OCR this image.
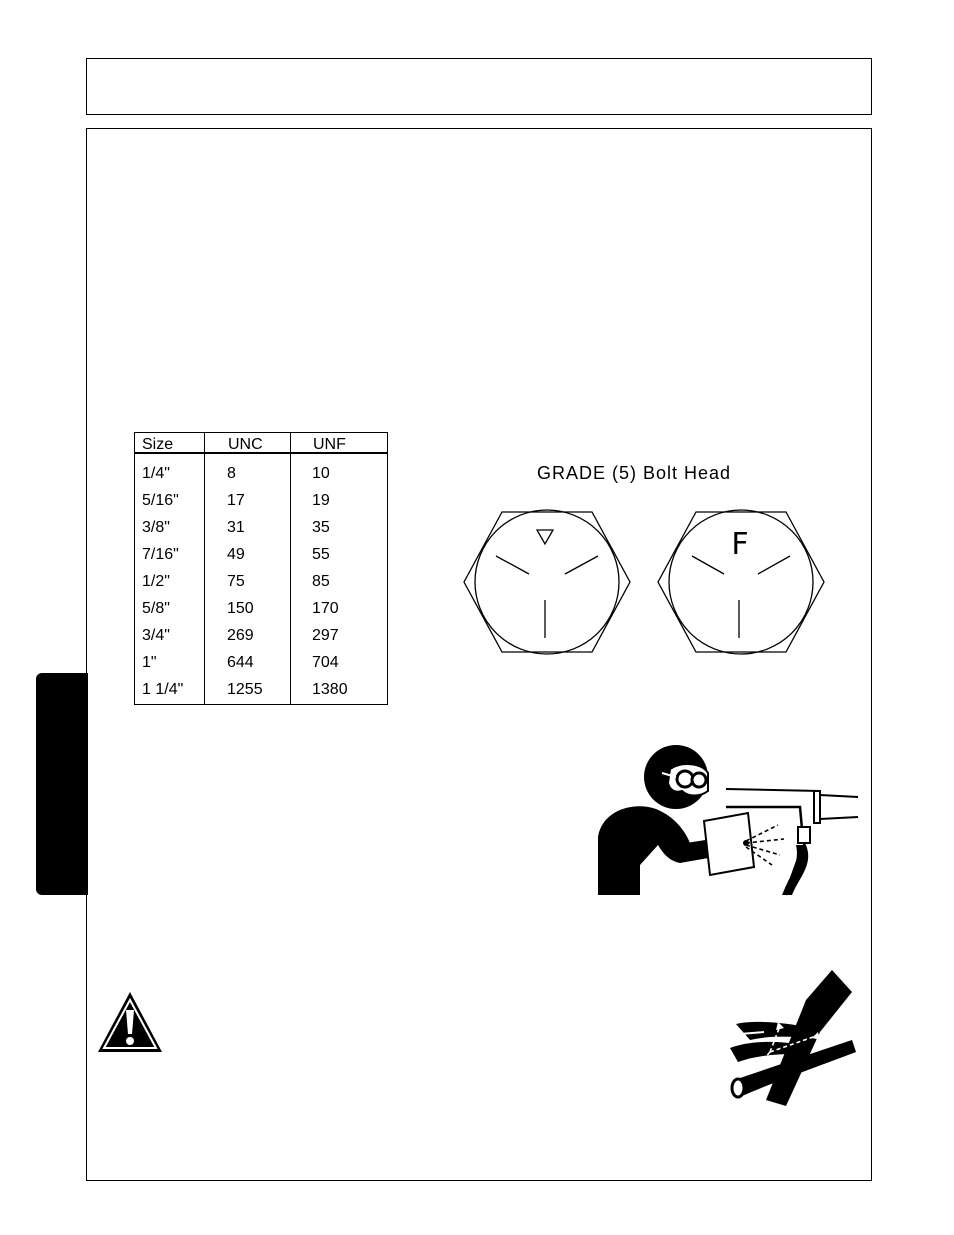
Size	UNC	UNF
1/4"	8	10
5/16"	17	19
3/8"	31	35
7/16"	49	55
1/2"	75	85
5/8"	150	170
3/4"	269	297
1"	644	704
1 1/4"	1255	1380
GRADE (5) Bolt Head
F
